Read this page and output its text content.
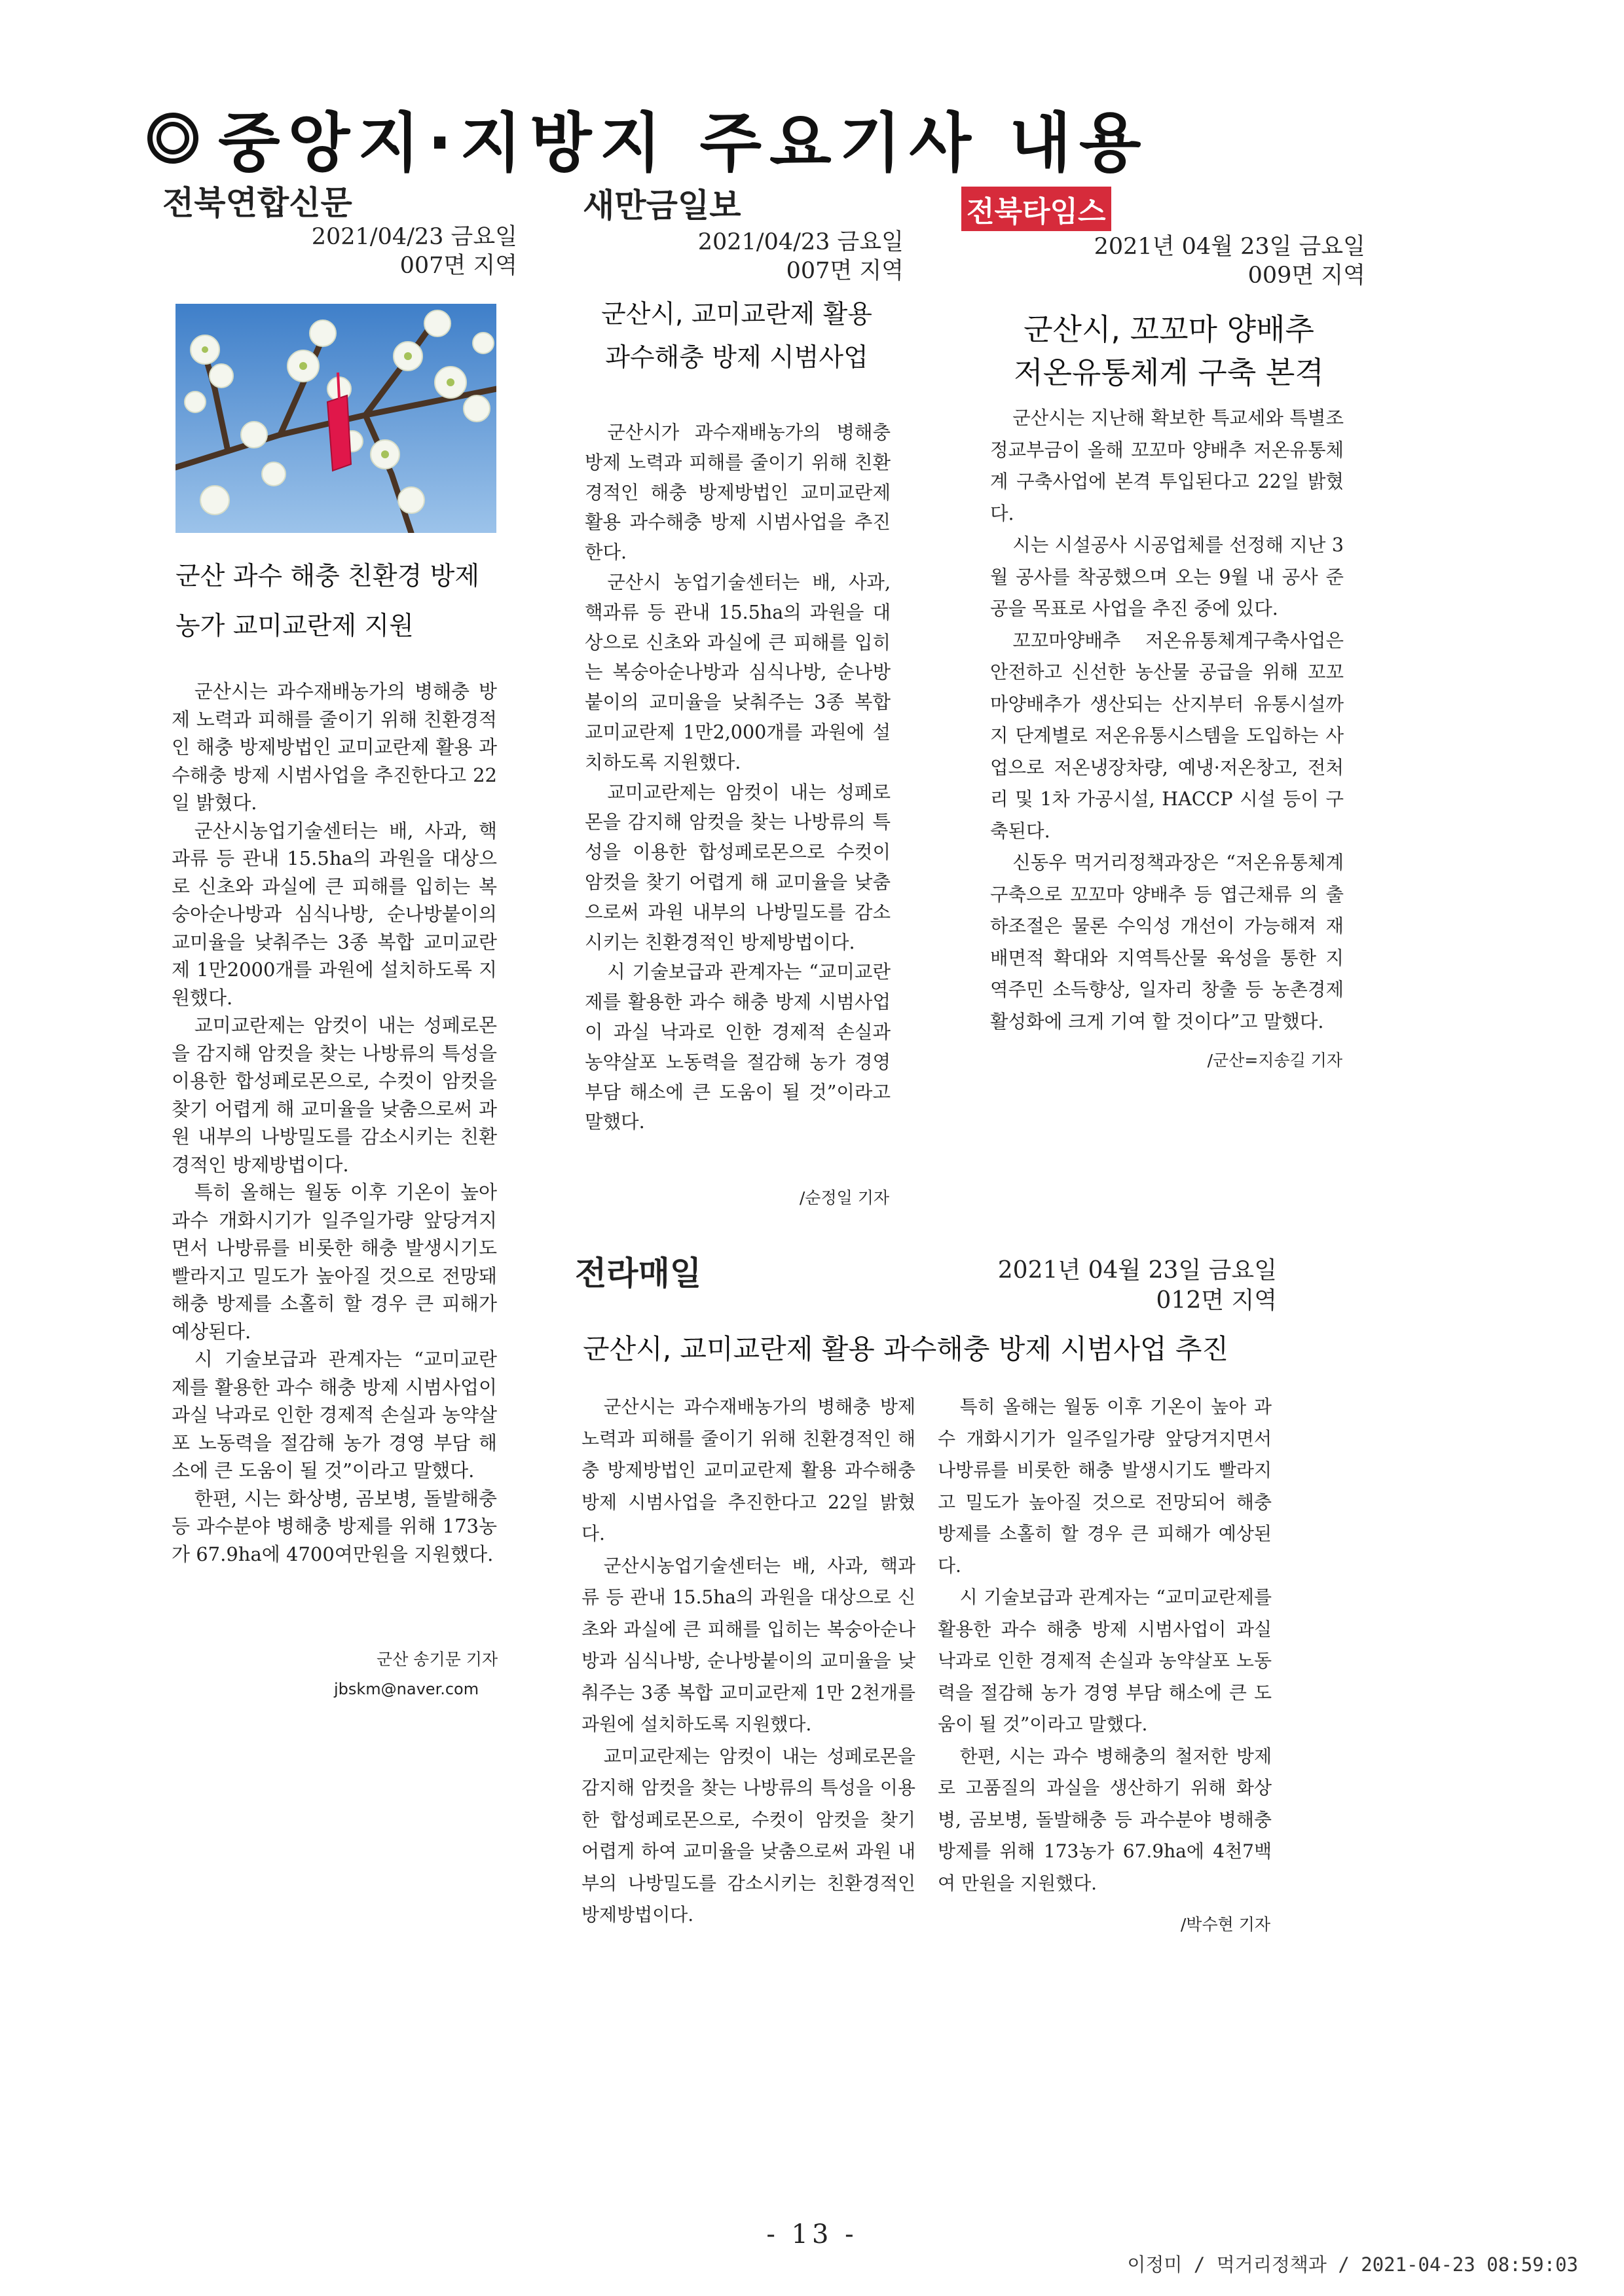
중앙지·지방지 주요기사 내용
전북연합신문
2021/04/23 금요일
007면 지역
군산 과수 해충 친환경 방제
농가 교미교란제 지원

군산시는 과수재배농가의 병해충 방제 노력과 피해를 줄이기 위해 친환경적인 해충 방제방법인 교미교란제 활용 과수해충 방제 시범사업을 추진한다고 22일 밝혔다.

군산시농업기술센터는 배, 사과, 핵과류 등 관내 15.5ha의 과원을 대상으로 신초와 과실에 큰 피해를 입히는 복숭아순나방과 심식나방, 순나방붙이의 교미율을 낮춰주는 3종 복합 교미교란제 1만2000개를 과원에 설치하도록 지원했다.

교미교란제는 암컷이 내는 성페로몬을 감지해 암컷을 찾는 나방류의 특성을 이용한 합성페로몬으로, 수컷이 암컷을 찾기 어렵게 해 교미율을 낮춤으로써 과원 내부의 나방밀도를 감소시키는 친환경적인 방제방법이다.

특히 올해는 월동 이후 기온이 높아 과수 개화시기가 일주일가량 앞당겨지면서 나방류를 비롯한 해충 발생시기도 빨라지고 밀도가 높아질 것으로 전망돼 해충 방제를 소홀히 할 경우 큰 피해가 예상된다.

시 기술보급과 관계자는 “교미교란제를 활용한 과수 해충 방제 시범사업이 과실 낙과로 인한 경제적 손실과 농약살포 노동력을 절감해 농가 경영 부담 해소에 큰 도움이 될 것”이라고 말했다.

한편, 시는 화상병, 곰보병, 돌발해충 등 과수분야 병해충 방제를 위해 173농가 67.9ha에 4700여만원을 지원했다.

군산 송기문 기자
jbskm@naver.com
새만금일보
2021/04/23 금요일
007면 지역
군산시, 교미교란제 활용
과수해충 방제 시범사업

군산시가 과수재배농가의 병해충 방제 노력과 피해를 줄이기 위해 친환경적인 해충 방제방법인 교미교란제 활용 과수해충 방제 시범사업을 추진한다.

군산시 농업기술센터는 배, 사과, 핵과류 등 관내 15.5ha의 과원을 대상으로 신초와 과실에 큰 피해를 입히는 복숭아순나방과 심식나방, 순나방붙이의 교미율을 낮춰주는 3종 복합 교미교란제 1만2,000개를 과원에 설치하도록 지원했다.

교미교란제는 암컷이 내는 성페로몬을 감지해 암컷을 찾는 나방류의 특성을 이용한 합성페로몬으로 수컷이 암컷을 찾기 어렵게 해 교미율을 낮춤으로써 과원 내부의 나방밀도를 감소시키는 친환경적인 방제방법이다.

시 기술보급과 관계자는 “교미교란제를 활용한 과수 해충 방제 시범사업이 과실 낙과로 인한 경제적 손실과 농약살포 노동력을 절감해 농가 경영 부담 해소에 큰 도움이 될 것”이라고 말했다.

/순정일 기자
전북타임스
2021년 04월 23일 금요일
009면 지역
군산시, 꼬꼬마 양배추
저온유통체계 구축 본격

군산시는 지난해 확보한 특교세와 특별조정교부금이 올해 꼬꼬마 양배추 저온유통체계 구축사업에 본격 투입된다고 22일 밝혔다.

시는 시설공사 시공업체를 선정해 지난 3월 공사를 착공했으며 오는 9월 내 공사 준공을 목표로 사업을 추진 중에 있다.

꼬꼬마양배추 저온유통체계구축사업은 안전하고 신선한 농산물 공급을 위해 꼬꼬마양배추가 생산되는 산지부터 유통시설까지 단계별로 저온유통시스템을 도입하는 사업으로 저온냉장차량, 예냉·저온창고, 전처리 및 1차 가공시설, HACCP 시설 등이 구축된다.

신동우 먹거리정책과장은 “저온유통체계 구축으로 꼬꼬마 양배추 등 엽근채류 의 출하조절은 물론 수익성 개선이 가능해져 재배면적 확대와 지역특산물 육성을 통한 지역주민 소득향상, 일자리 창출 등 농촌경제 활성화에 크게 기여 할 것이다”고 말했다.

/군산=지송길 기자
전라매일	2021년 04월 23일 금요일
012면 지역
군산시, 교미교란제 활용 과수해충 방제 시범사업 추진

군산시는 과수재배농가의 병해충 방제 노력과 피해를 줄이기 위해 친환경적인 해충 방제방법인 교미교란제 활용 과수해충 방제 시범사업을 추진한다고 22일 밝혔다.

군산시농업기술센터는 배, 사과, 핵과류 등 관내 15.5ha의 과원을 대상으로 신초와 과실에 큰 피해를 입히는 복숭아순나방과 심식나방, 순나방붙이의 교미율을 낮춰주는 3종 복합 교미교란제 1만 2천개를 과원에 설치하도록 지원했다.

교미교란제는 암컷이 내는 성페로몬을 감지해 암컷을 찾는 나방류의 특성을 이용한 합성페로몬으로, 수컷이 암컷을 찾기 어렵게 하여 교미율을 낮춤으로써 과원 내부의 나방밀도를 감소시키는 친환경적인 방제방법이다.

특히 올해는 월동 이후 기온이 높아 과수 개화시기가 일주일가량 앞당겨지면서 나방류를 비롯한 해충 발생시기도 빨라지고 밀도가 높아질 것으로 전망되어 해충 방제를 소홀히 할 경우 큰 피해가 예상된다.

시 기술보급과 관계자는 “교미교란제를 활용한 과수 해충 방제 시범사업이 과실 낙과로 인한 경제적 손실과 농약살포 노동력을 절감해 농가 경영 부담 해소에 큰 도움이 될 것”이라고 말했다.

한편, 시는 과수 병해충의 철저한 방제로 고품질의 과실을 생산하기 위해 화상병, 곰보병, 돌발해충 등 과수분야 병해충 방제를 위해 173농가 67.9ha에 4천7백여 만원을 지원했다.

/박수현 기자
- 13 -
이정미 / 먹거리정책과 / 2021-04-23 08:59:03
